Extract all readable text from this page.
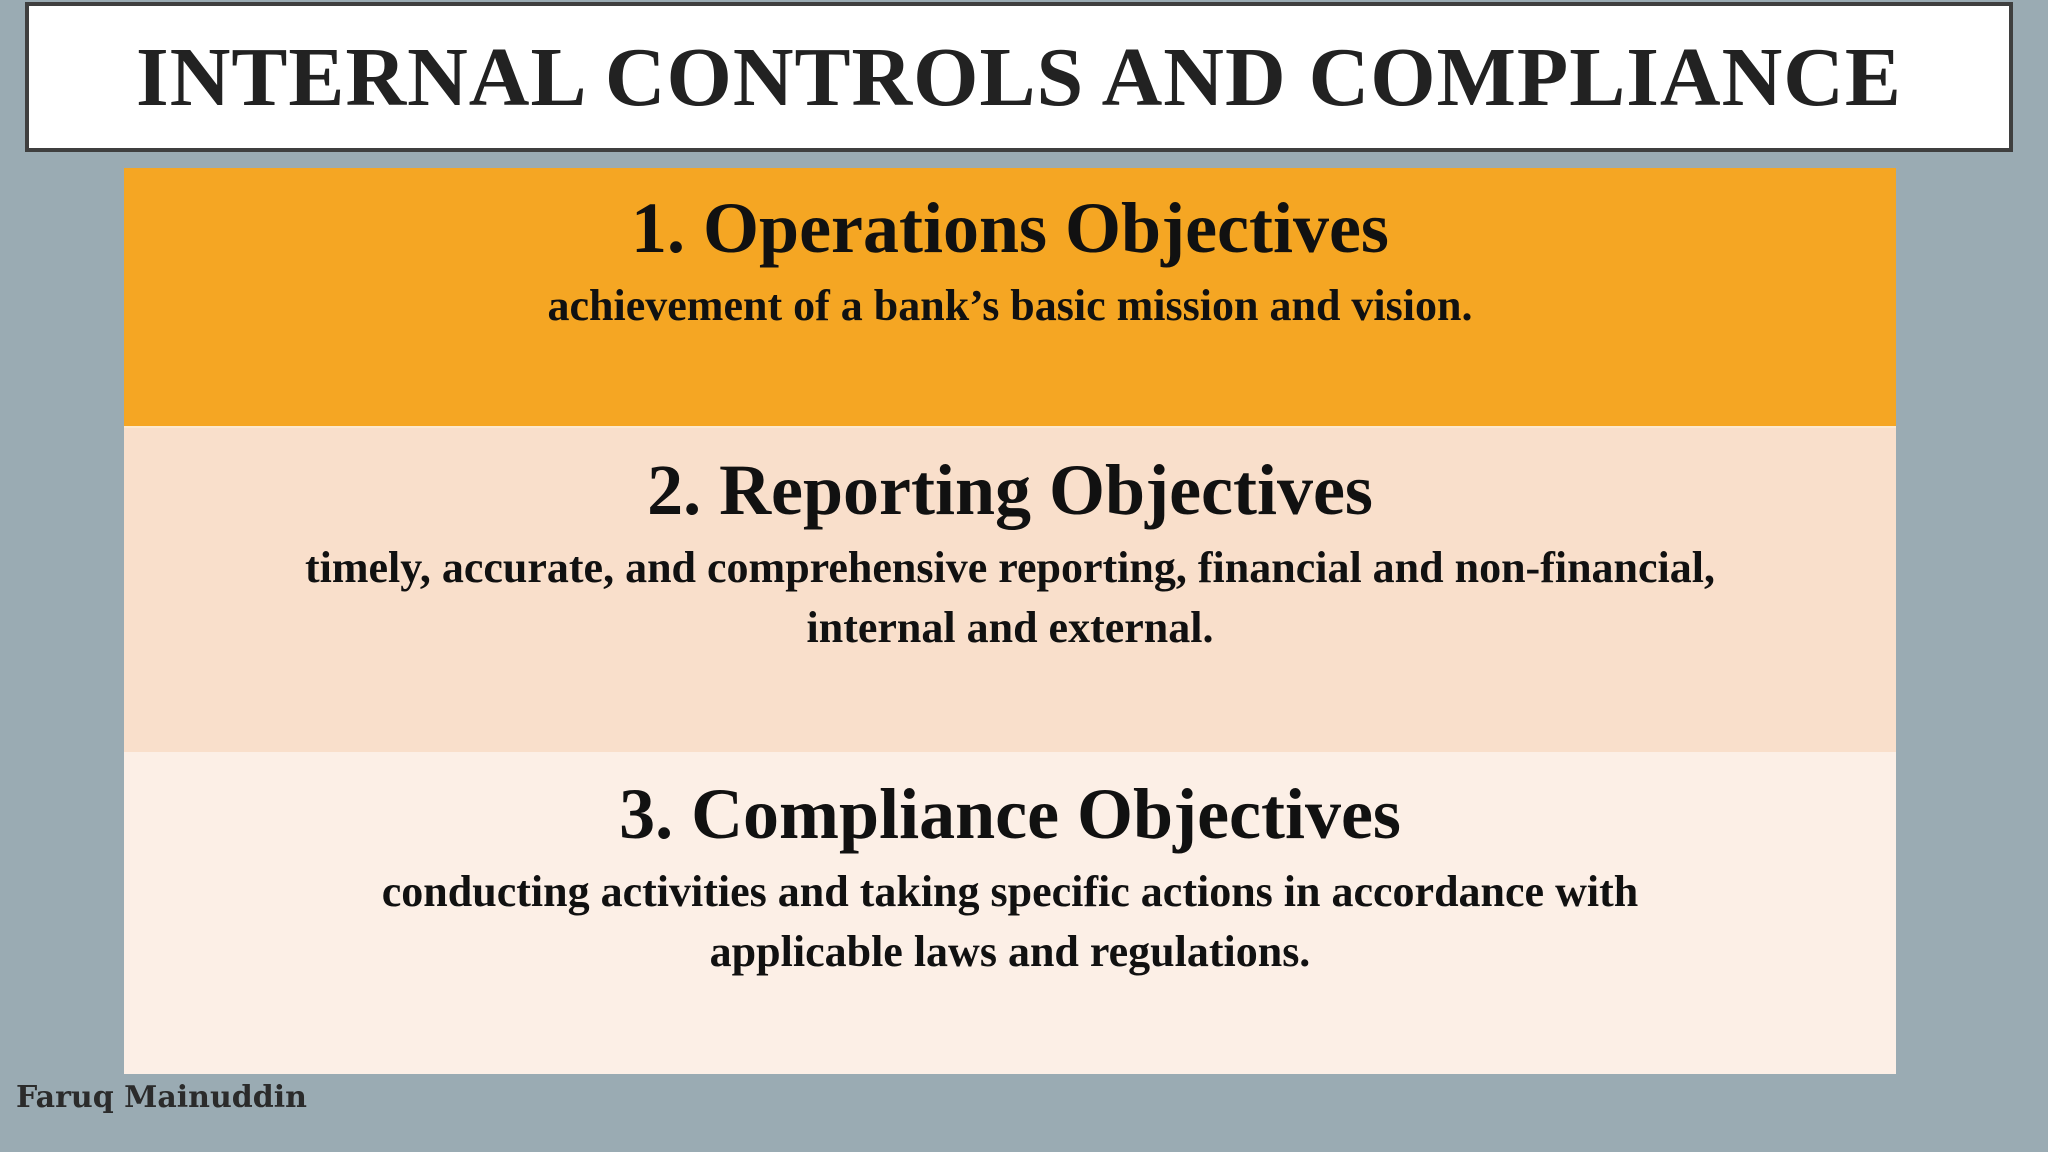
INTERNAL CONTROLS AND COMPLIANCE
1. Operations Objectives
achievement of a bank’s basic mission and vision.
2. Reporting Objectives
timely, accurate, and comprehensive reporting, financial and non-financial, internal and external.
3. Compliance Objectives
conducting activities and taking specific actions in accordance with applicable laws and regulations.
Faruq Mainuddin
